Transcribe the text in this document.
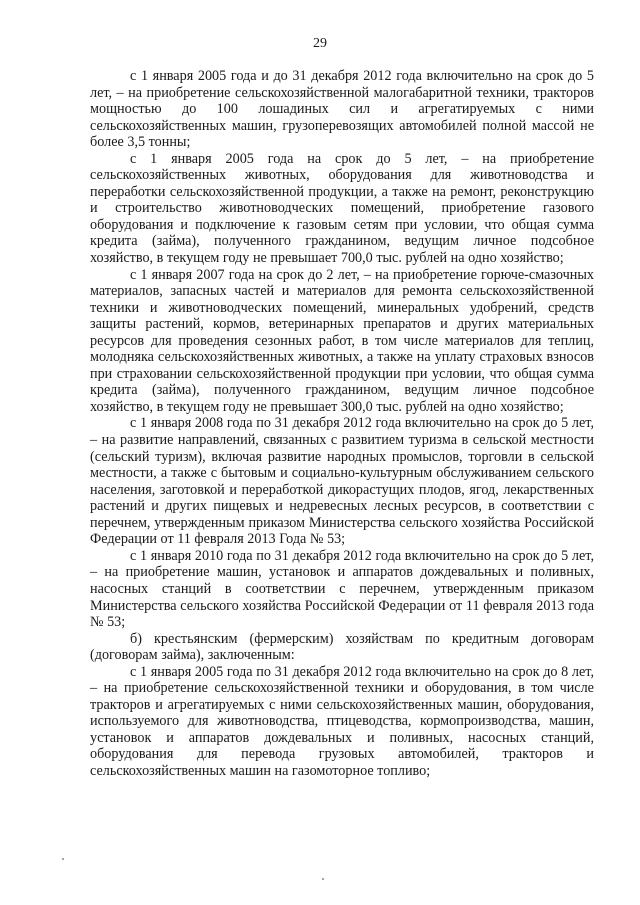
29

с 1 января 2005 года и до 31 декабря 2012 года включительно на срок до 5 лет, – на приобретение сельскохозяйственной малогабаритной техники, тракторов мощностью до 100 лошадиных сил и агрегатируемых с ними сельскохозяйственных машин, грузоперевозящих автомобилей полной массой не более 3,5 тонны;

с 1 января 2005 года на срок до 5 лет, – на приобретение сельскохозяйственных животных, оборудования для животноводства и переработки сельскохозяйственной продукции, а также на ремонт, реконструкцию и строительство животноводческих помещений, приобретение газового оборудования и подключение к газовым сетям при условии, что общая сумма кредита (займа), полученного гражданином, ведущим личное подсобное хозяйство, в текущем году не превышает 700,0 тыс. рублей на одно хозяйство;

с 1 января 2007 года на срок до 2 лет, – на приобретение горюче-смазочных материалов, запасных частей и материалов для ремонта сельскохозяйственной техники и животноводческих помещений, минеральных удобрений, средств защиты растений, кормов, ветеринарных препаратов и других материальных ресурсов для проведения сезонных работ, в том числе материалов для теплиц, молодняка сельскохозяйственных животных, а также на уплату страховых взносов при страховании сельскохозяйственной продукции при условии, что общая сумма кредита (займа), полученного гражданином, ведущим личное подсобное хозяйство, в текущем году не превышает 300,0 тыс. рублей на одно хозяйство;

с 1 января 2008 года по 31 декабря 2012 года включительно на срок до 5 лет, – на развитие направлений, связанных с развитием туризма в сельской местности (сельский туризм), включая развитие народных промыслов, торговли в сельской местности, а также с бытовым и социально-культурным обслуживанием сельского населения, заготовкой и переработкой дикорастущих плодов, ягод, лекарственных растений и других пищевых и недревесных лесных ресурсов, в соответствии с перечнем, утвержденным приказом Министерства сельского хозяйства Российской Федерации от 11 февраля 2013 Года № 53;

с 1 января 2010 года по 31 декабря 2012 года включительно на срок до 5 лет, – на приобретение машин, установок и аппаратов дождевальных и поливных, насосных станций в соответствии с перечнем, утвержденным приказом Министерства сельского хозяйства Российской Федерации от 11 февраля 2013 года № 53;

б) крестьянским (фермерским) хозяйствам по кредитным договорам (договорам займа), заключенным:

с 1 января 2005 года по 31 декабря 2012 года включительно на срок до 8 лет, – на приобретение сельскохозяйственной техники и оборудования, в том числе тракторов и агрегатируемых с ними сельскохозяйственных машин, оборудования, используемого для животноводства, птицеводства, кормопроизводства, машин, установок и аппаратов дождевальных и поливных, насосных станций, оборудования для перевода грузовых автомобилей, тракторов и сельскохозяйственных машин на газомоторное топливо;
